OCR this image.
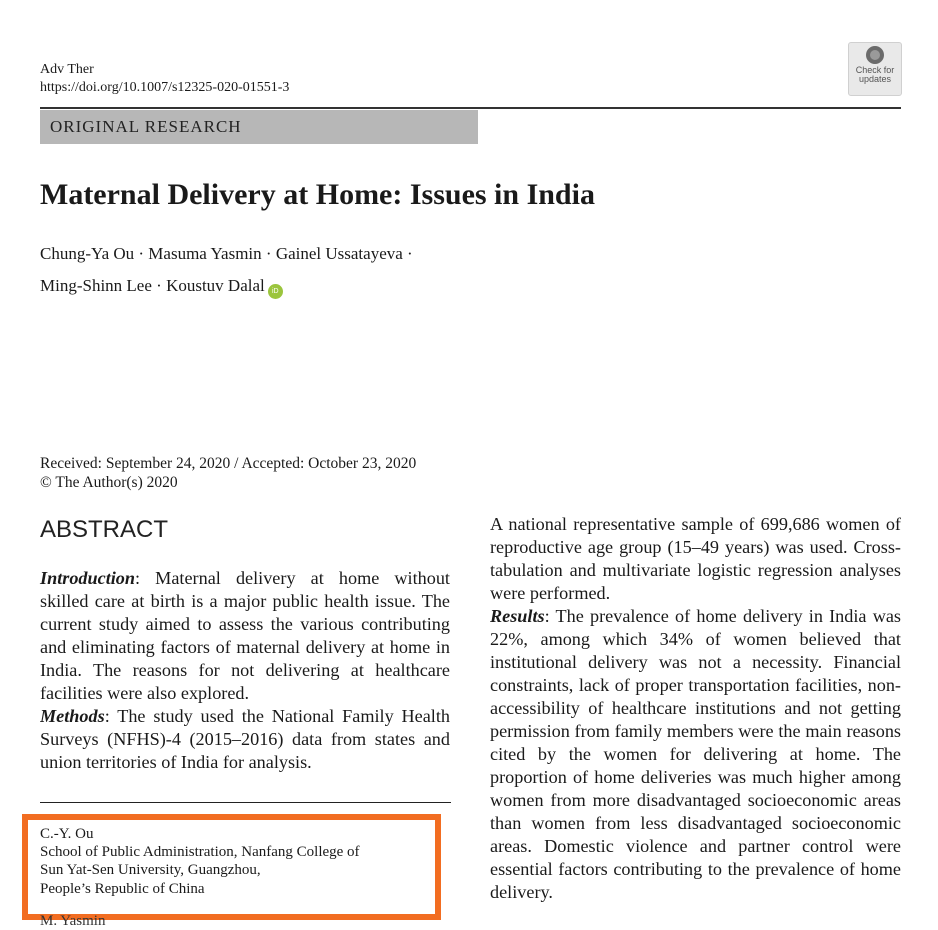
Adv Ther
https://doi.org/10.1007/s12325-020-01551-3
Check for updates
ORIGINAL RESEARCH
Maternal Delivery at Home: Issues in India
Chung-Ya Ou · Masuma Yasmin · Gainel Ussatayeva ·
Ming-Shinn Lee · Koustuv Dalal iD
Received: September 24, 2020 / Accepted: October 23, 2020
© The Author(s) 2020
ABSTRACT

Introduction: Maternal delivery at home without skilled care at birth is a major public health issue. The current study aimed to assess the various contributing and eliminating factors of maternal delivery at home in India. The reasons for not delivering at healthcare facilities were also explored.

Methods: The study used the National Family Health Surveys (NFHS)-4 (2015–2016) data from states and union territories of India for analysis.

A national representative sample of 699,686 women of reproductive age group (15–49 years) was used. Cross-tabulation and multivariate logistic regression analyses were performed.

Results: The prevalence of home delivery in India was 22%, among which 34% of women believed that institutional delivery was not a necessity. Financial constraints, lack of proper transportation facilities, non-accessibility of healthcare institutions and not getting permission from family members were the main reasons cited by the women for delivering at home. The proportion of home deliveries was much higher among women from more disadvantaged socioeconomic areas than women from less disadvantaged socioeconomic areas. Domestic violence and partner control were essential factors contributing to the prevalence of home delivery.

C.-Y. Ou
School of Public Administration, Nanfang College of
Sun Yat-Sen University, Guangzhou,
People’s Republic of China
M. Yasmin
